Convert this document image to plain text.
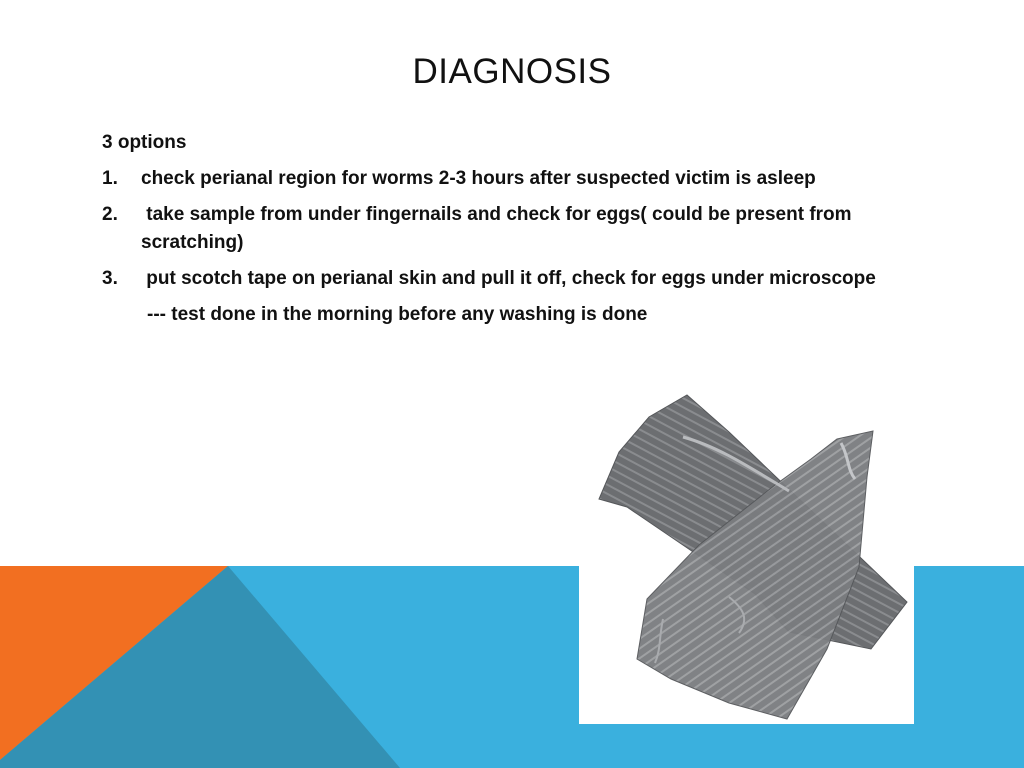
DIAGNOSIS

3 options

1. check perianal region for worms 2-3 hours after suspected victim is asleep
2. take sample from under fingernails and check for eggs( could be present from scratching)
3. put scotch tape on perianal skin and pull it off, check for eggs under microscope
--- test done in the morning before any washing is done
